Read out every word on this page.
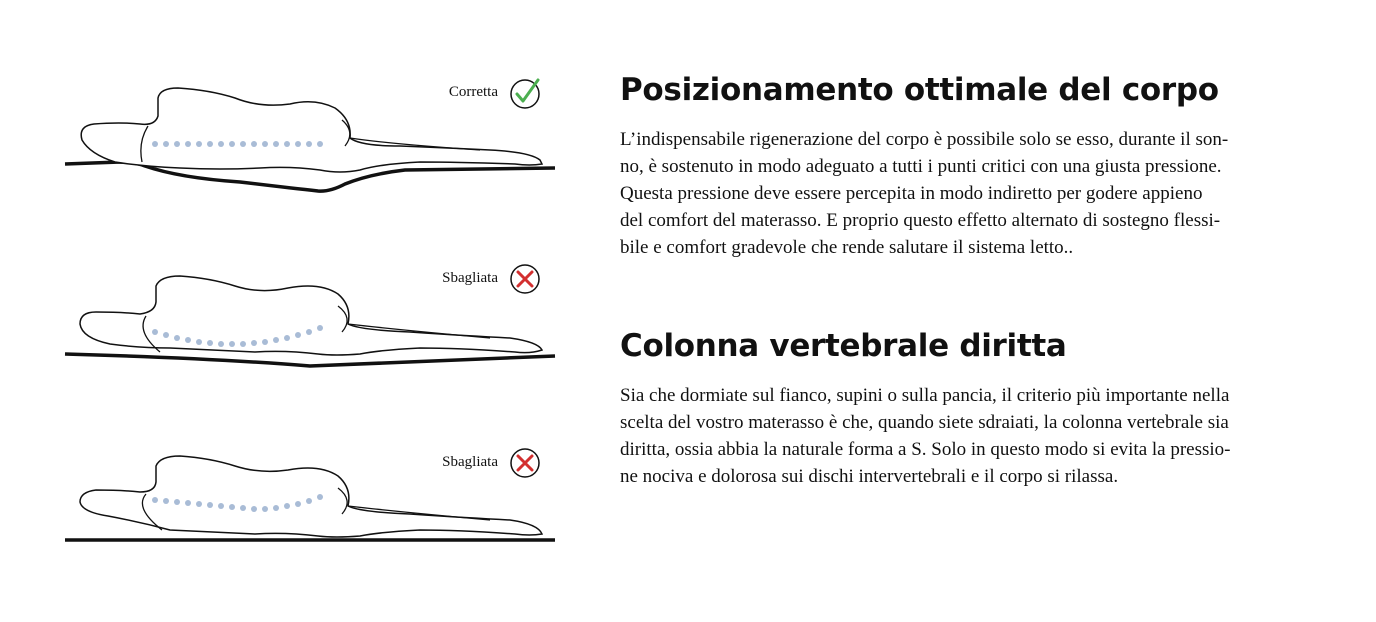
Corretta
Sbagliata
Sbagliata
Posizionamento ottimale del corpo

L’indispensabile rigenerazione del corpo è possibile solo se esso, durante il son-
no, è sostenuto in modo adeguato a tutti i punti critici con una giusta pressione.
Questa pressione deve essere percepita in modo indiretto per godere appieno
del comfort del materasso. E proprio questo effetto alternato di sostegno flessi-
bile e comfort gradevole che rende salutare il sistema letto..

Colonna vertebrale diritta

Sia che dormiate sul fianco, supini o sulla pancia, il criterio più importante nella
scelta del vostro materasso è che, quando siete sdraiati, la colonna vertebrale sia
diritta, ossia abbia la naturale forma a S. Solo in questo modo si evita la pressio-
ne nociva e dolorosa sui dischi intervertebrali e il corpo si rilassa.
